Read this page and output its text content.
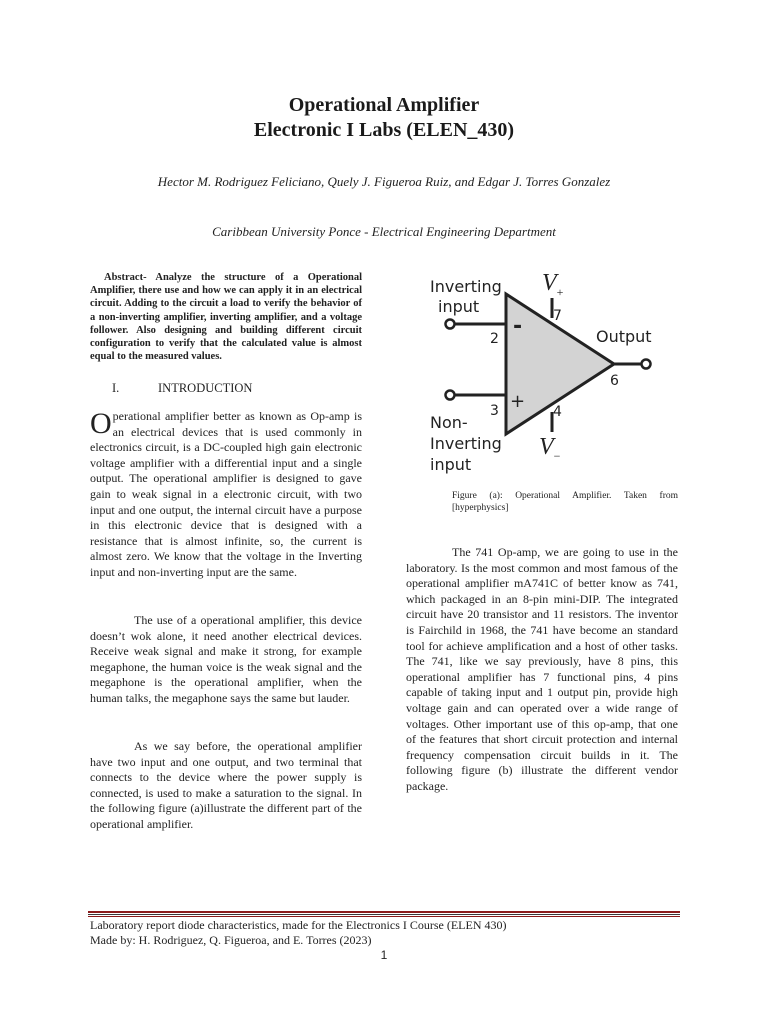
Operational Amplifier
Electronic I Labs (ELEN_430)
Hector M. Rodriguez Feliciano, Quely J. Figueroa Ruiz, and Edgar J. Torres Gonzalez
Caribbean University Ponce - Electrical Engineering Department
Abstract- Analyze the structure of a Operational Amplifier, there use and how we can apply it in an electrical circuit. Adding to the circuit a load to verify the behavior of a non-inverting amplifier, inverting amplifier, and a voltage follower. Also designing and building different circuit configuration to verify that the calculated value is almost equal to the measured values.
I.	INTRODUCTION

Operational amplifier better as known as Op-amp is an electrical devices that is used commonly in electronics circuit, is a DC-coupled high gain electronic voltage amplifier with a differential input and a single output. The operational amplifier is designed to gave gain to weak signal in a electronic circuit, with two input and one output, the internal circuit have a purpose in this electronic device that is designed with a resistance that is almost infinite, so, the current is almost zero. We know that the voltage in the Inverting input and non-inverting input are the same.

The use of a operational amplifier, this device doesn’t wok alone, it need another electrical devices. Receive weak signal and make it strong, for example megaphone, the human voice is the weak signal and the megaphone is the operational amplifier, when the human talks, the megaphone says the same but lauder.

As we say before, the operational amplifier have two input and one output, and two terminal that connects to the device where the power supply is connected, is used to make a saturation to the signal. In the following figure (a)illustrate the different part of the operational amplifier.

Inverting
input
Non-
Inverting
input
Output
-
+
2
3
7
4
6
$V_+$
$V_-$
Figure (a): Operational Amplifier. Taken from [hyperphysics]

The 741 Op-amp, we are going to use in the laboratory. Is the most common and most famous of the operational amplifier mA741C of better know as 741, which packaged in an 8-pin mini-DIP. The integrated circuit have 20 transistor and 11 resistors. The inventor is Fairchild in 1968, the 741 have become an standard tool for achieve amplification and a host of other tasks. The 741, like we say previously, have 8 pins, this operational amplifier has 7 functional pins, 4 pins capable of taking input and 1 output pin, provide high voltage gain and can operated over a wide range of voltages. Other important use of this op-amp, that one of the features that short circuit protection and internal frequency compensation circuit builds in it. The following figure (b) illustrate the different vendor package.

Laboratory report diode characteristics, made for the Electronics I Course (ELEN 430)
Made by: H. Rodriguez, Q. Figueroa, and E. Torres (2023)
1
